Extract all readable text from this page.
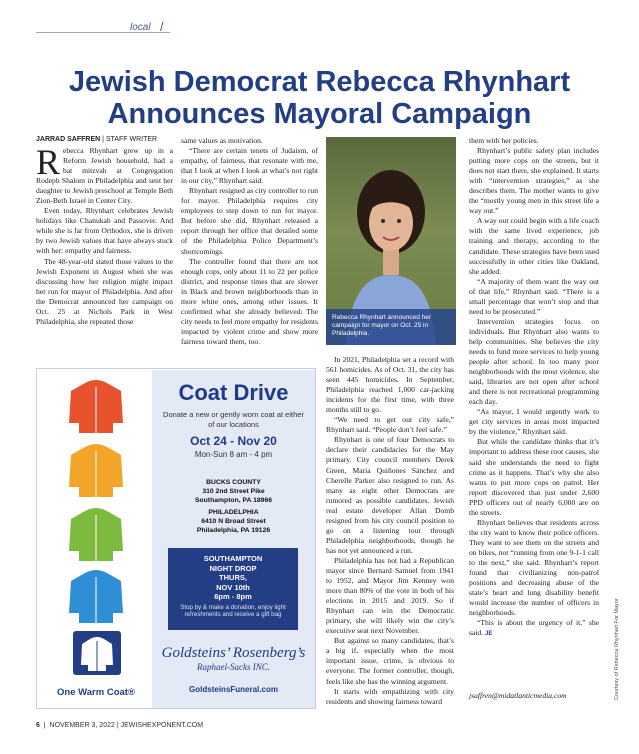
local /
Jewish Democrat Rebecca Rhynhart
Announces Mayoral Campaign
JARRAD SAFFREN | STAFF WRITER

Rebecca Rhynhart grew up in a Reform Jewish household, had a bat mitzvah at Congregation Rodeph Shalom in Philadelphia and sent her daughter to Jewish preschool at Temple Beth Zion-Beth Israel in Center City.

Even today, Rhynhart celebrates Jewish holidays like Chanukah and Passover. And while she is far from Orthodox, she is driven by two Jewish values that have always stuck with her: empathy and fairness.

The 48-year-old stated those values to the Jewish Exponent in August when she was discussing how her religion might impact her run for mayor of Philadelphia. And after the Democrat announced her campaign on Oct. 25 at Nichols Park in West Philadelphia, she repeated those

same values as motivation.

“There are certain tenets of Judaism, of empathy, of fairness, that resonate with me, that I look at when I look at what’s not right in our city,” Rhynhart said.

Rhynhart resigned as city controller to run for mayor. Philadelphia requires city employees to step down to run for mayor. But before she did, Rhynhart released a report through her office that detailed some of the Philadelphia Police Department’s shortcomings.

The controller found that there are not enough cops, only about 11 to 22 per police district, and response times that are slower in Black and brown neighborhoods than in more white ones, among other issues. It confirmed what she already believed: The city needs to feel more empathy for residents impacted by violent crime and show more fairness toward them, too.

Rebecca Rhynhart announced her campaign for mayor on Oct. 25 in Philadelphia.

In 2021, Philadelphia set a record with 561 homicides. As of Oct. 31, the city has seen 445 homicides. In September, Philadelphia reached 1,000 car-jacking incidents for the first time, with three months still to go.

“We need to get our city safe,” Rhynhart said. “People don’t feel safe.”

Rhynhart is one of four Democrats to declare their candidacies for the May primary. City council members Derek Green, Maria Quiñones Sánchez and Cherelle Parker also resigned to run. As many as eight other Democrats are rumored as possible candidates. Jewish real estate developer Allan Domb resigned from his city council position to go on a listening tour through Philadelphia neighborhoods, though he has not yet announced a run.

Philadelphia has not had a Republican mayor since Bernard Samuel from 1941 to 1952, and Mayor Jim Kenney won more than 80% of the vote in both of his elections in 2015 and 2019. So if Rhynhart can win the Democratic primary, she will likely win the city’s executive seat next November.

But against so many candidates, that’s a big if, especially when the most important issue, crime, is obvious to everyone. The former controller, though, feels like she has the winning argument.

It starts with empathizing with city residents and showing fairness toward

them with her policies.

Rhynhart’s public safety plan includes putting more cops on the streets, but it does not start there, she explained. It starts with “intervention strategies,” as she describes them. The mother wants to give the “mostly young men in this street life a way out.”

A way out could begin with a life coach with the same lived experience, job training and therapy, according to the candidate. These strategies have been used successfully in other cities like Oakland, she added.

“A majority of them want the way out of that life,” Rhynhart said. “There is a small percentage that won’t stop and that need to be prosecuted.”

Intervention strategies focus on individuals. But Rhynhart also wants to help communities. She believes the city needs to fund more services to help young people after school. In too many poor neighborhoods with the most violence, she said, libraries are not open after school and there is not recreational programming each day.

“As mayor, I would urgently work to get city services in areas most impacted by the violence,” Rhynhart said.

But while the candidate thinks that it’s important to address these root causes, she said she understands the need to fight crime as it happens. That’s why she also wants to put more cops on patrol. Her report discovered that just under 2,600 PPD officers out of nearly 6,000 are on the streets.

Rhynhart believes that residents across the city want to know their police officers. They want to see them on the streets and on bikes, not “running from one 9-1-1 call to the next,” she said. Rhynhart’s report found that civilianizing non-patrol positions and decreasing abuse of the state’s heart and lung disability benefit would increase the number of officers in neighborhoods.

“This is about the urgency of it,” she said. JE

jsaffren@midatlanticmedia.com
One Warm Coat®
Coat Drive
Donate a new or gently worn coat at either of our locations
Oct 24 - Nov 20
Mon-Sun 8 am - 4 pm
BUCKS COUNTY
310 2nd Street Pike
Southampton, PA 18966
PHILADELPHIA
6410 N Broad Street
Philadelphia, PA 19126
SOUTHAMPTON
NIGHT DROP
THURS,
NOV 10th
6pm - 8pm
Stop by & make a donation, enjoy light refreshments and receive a gift bag
Goldsteins’ Rosenberg’s
Raphael-Sacks INC.
GoldsteinsFuneral.com	Courtesy of Rebecca Rhynhart For Mayor
6  |  NOVEMBER 3, 2022 | JEWISHEXPONENT.COM
